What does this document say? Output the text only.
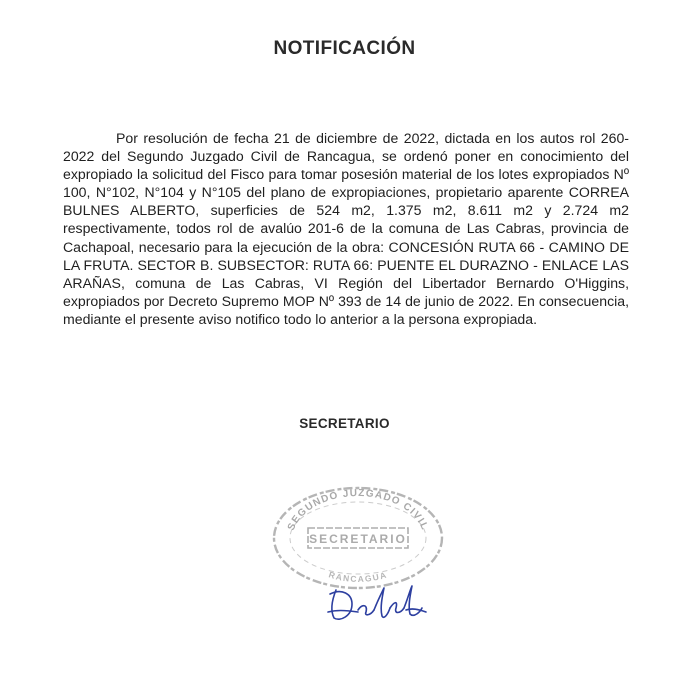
NOTIFICACIÓN
Por resolución de fecha 21 de diciembre de 2022, dictada en los autos rol 260-2022 del Segundo Juzgado Civil de Rancagua, se ordenó poner en conocimiento del expropiado la solicitud del Fisco para tomar posesión material de los lotes expropiados Nº 100, N°102, N°104 y N°105 del plano de expropiaciones, propietario aparente CORREA BULNES ALBERTO, superficies de 524 m2, 1.375 m2, 8.611 m2 y 2.724 m2 respectivamente, todos rol de avalúo 201-6 de la comuna de Las Cabras, provincia de Cachapoal, necesario para la ejecución de la obra: CONCESIÓN RUTA 66 - CAMINO DE LA FRUTA. SECTOR B. SUBSECTOR: RUTA 66: PUENTE EL DURAZNO - ENLACE LAS ARAÑAS, comuna de Las Cabras, VI Región del Libertador Bernardo O'Higgins, expropiados por Decreto Supremo MOP Nº 393 de 14 de junio de 2022. En consecuencia, mediante el presente aviso notifico todo lo anterior a la persona expropiada.
SECRETARIO
SEGUNDO JUZGADO CIVIL
SECRETARIO
RANCAGUA
